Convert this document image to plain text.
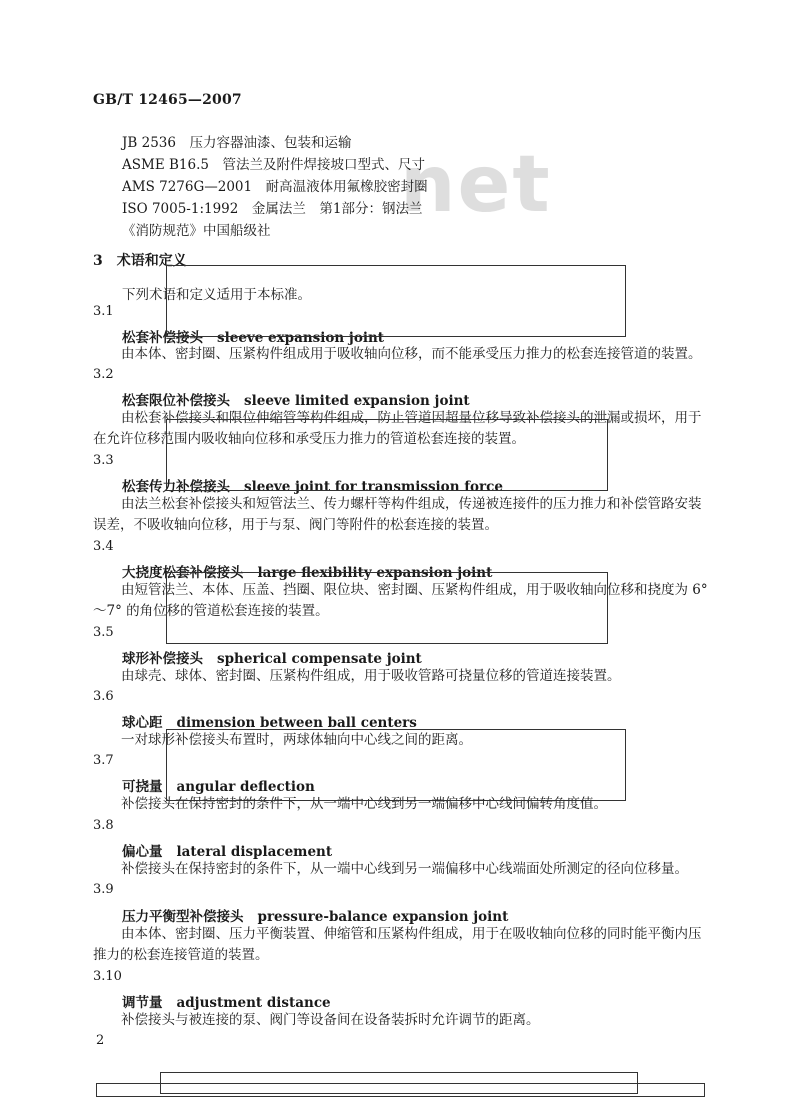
net
GB/T 12465—2007
JB 2536　压力容器油漆、包装和运输
ASME B16.5　管法兰及附件焊接坡口型式、尺寸
AMS 7276G—2001　耐高温液体用氟橡胶密封圈
ISO 7005-1:1992　金属法兰　第1部分：钢法兰
《消防规范》中国船级社
3　术语和定义
下列术语和定义适用于本标准。
3.1
松套补偿接头 sleeve expansion joint
由本体、密封圈、压紧构件组成用于吸收轴向位移，而不能承受压力推力的松套连接管道的装置。
3.2
松套限位补偿接头 sleeve limited expansion joint
由松套补偿接头和限位伸缩管等构件组成，防止管道因超量位移导致补偿接头的泄漏或损坏，用于在允许位移范围内吸收轴向位移和承受压力推力的管道松套连接的装置。
3.3
松套传力补偿接头 sleeve joint for transmission force
由法兰松套补偿接头和短管法兰、传力螺杆等构件组成，传递被连接件的压力推力和补偿管路安装误差，不吸收轴向位移，用于与泵、阀门等附件的松套连接的装置。
3.4
大挠度松套补偿接头 large flexibility expansion joint
由短管法兰、本体、压盖、挡圈、限位块、密封圈、压紧构件组成，用于吸收轴向位移和挠度为 6°～7° 的角位移的管道松套连接的装置。
3.5
球形补偿接头 spherical compensate joint
由球壳、球体、密封圈、压紧构件组成，用于吸收管路可挠量位移的管道连接装置。
3.6
球心距 dimension between ball centers
一对球形补偿接头布置时，两球体轴向中心线之间的距离。
3.7
可挠量 angular deflection
补偿接头在保持密封的条件下，从一端中心线到另一端偏移中心线间偏转角度值。
3.8
偏心量 lateral displacement
补偿接头在保持密封的条件下，从一端中心线到另一端偏移中心线端面处所测定的径向位移量。
3.9
压力平衡型补偿接头 pressure-balance expansion joint
由本体、密封圈、压力平衡装置、伸缩管和压紧构件组成，用于在吸收轴向位移的同时能平衡内压推力的松套连接管道的装置。
3.10
调节量 adjustment distance
补偿接头与被连接的泵、阀门等设备间在设备装拆时允许调节的距离。
2
